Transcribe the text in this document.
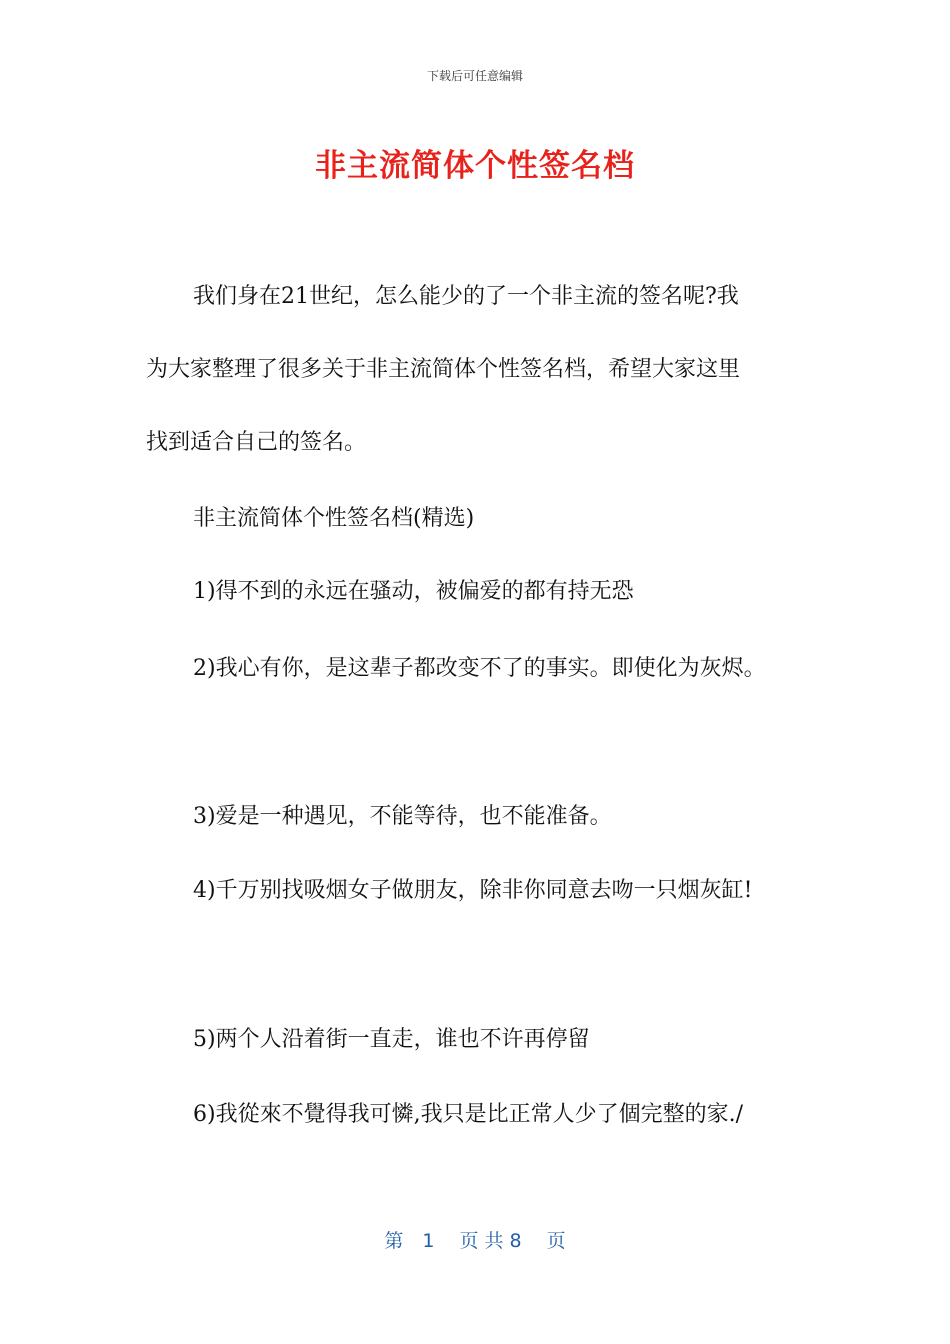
下载后可任意编辑
非主流简体个性签名档
我们身在21世纪，怎么能少的了一个非主流的签名呢?我
为大家整理了很多关于非主流简体个性签名档，希望大家这里
找到适合自己的签名。
非主流简体个性签名档(精选)
1)得不到的永远在骚动，被偏爱的都有持无恐
2)我心有你，是这辈子都改变不了的事实。即使化为灰烬。
3)爱是一种遇见，不能等待，也不能准备。
4)千万别找吸烟女子做朋友，除非你同意去吻一只烟灰缸!
5)两个人沿着街一直走，谁也不许再停留
6)我從來不覺得我可憐,我只是比正常人少了個完整的家./
第　1　 页 共 8　 页
